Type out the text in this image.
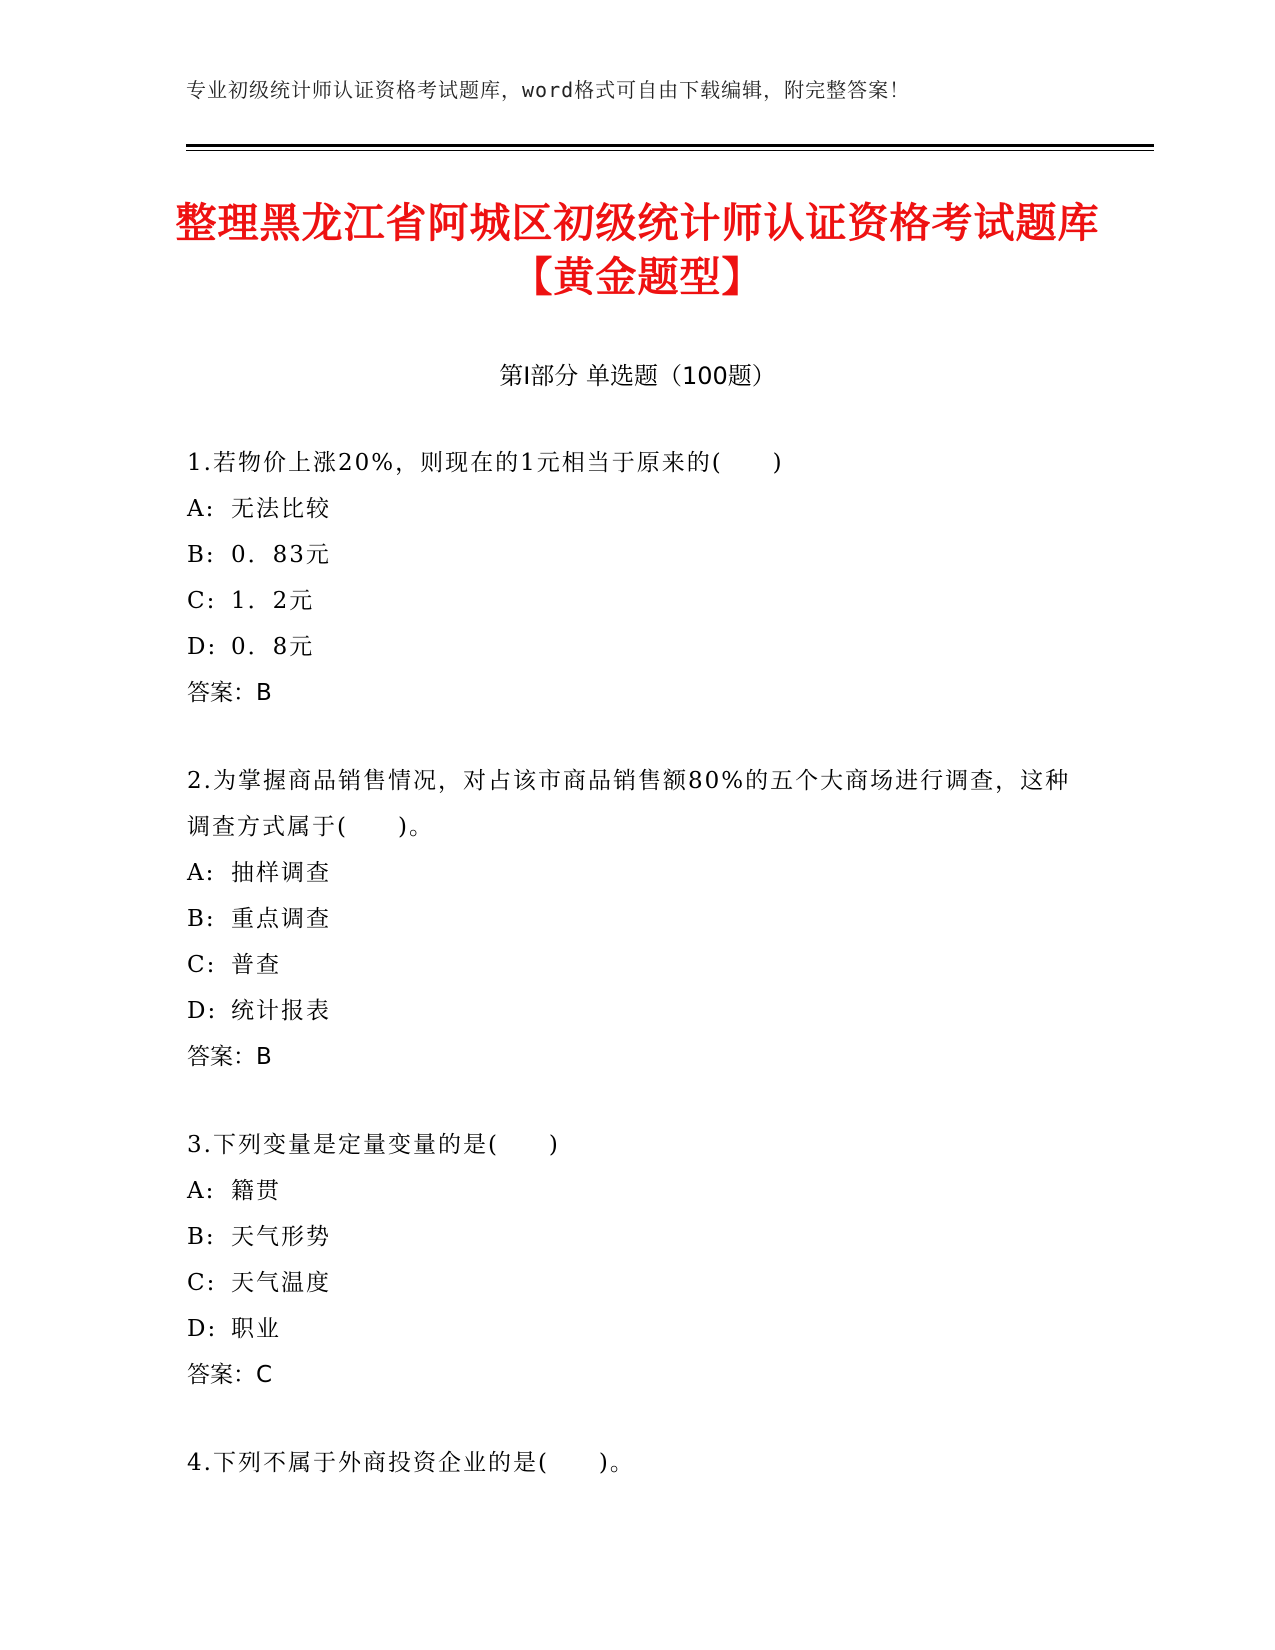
专业初级统计师认证资格考试题库，word格式可自由下载编辑，附完整答案！
整理黑龙江省阿城区初级统计师认证资格考试题库【黄金题型】
第Ⅰ部分 单选题（100题）

1.若物价上涨20%，则现在的1元相当于原来的(　　)

A: 无法比较

B: 0．83元

C: 1．2元

D: 0．8元

答案：B

2.为掌握商品销售情况，对占该市商品销售额80%的五个大商场进行调查，这种调查方式属于(　　)。

A: 抽样调查

B: 重点调查

C: 普查

D: 统计报表

答案：B

3.下列变量是定量变量的是(　　)

A: 籍贯

B: 天气形势

C: 天气温度

D: 职业

答案：C

4.下列不属于外商投资企业的是(　　)。
